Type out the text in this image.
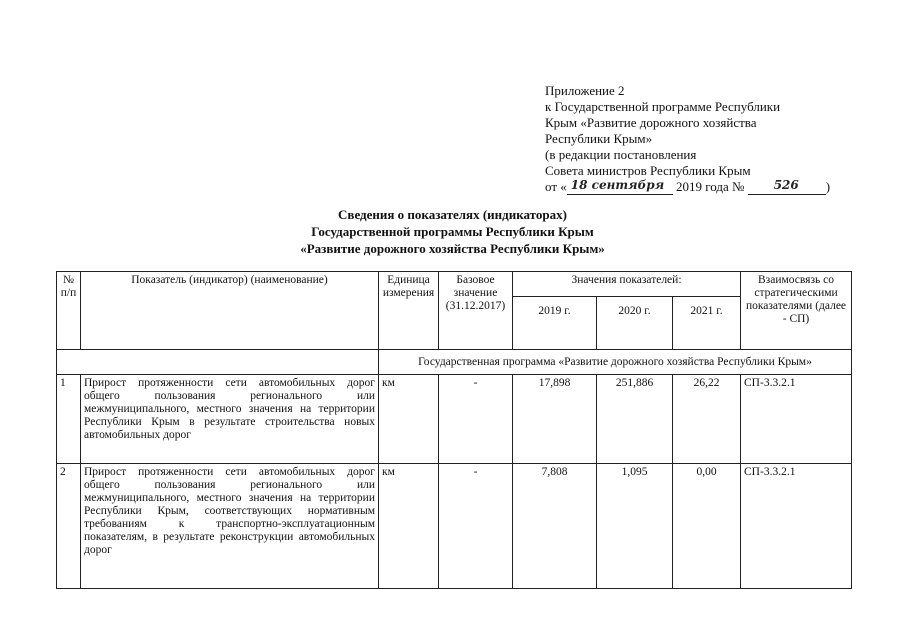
Приложение 2
к Государственной программе Республики
Крым «Развитие дорожного хозяйства
Республики Крым»
(в редакции постановления
Совета министров Республики Крым
от « 18 сентября 2019 года № 526 )
Сведения о показателях (индикаторах)
Государственной программы Республики Крым
«Развитие дорожного хозяйства Республики Крым»
№ п/п	Показатель (индикатор) (наименование)	Единица измерения	Базовое значение (31.12.2017)	Значения показателей:			Взаимосвязь со стратегическими показателями (далее - СП)
				2019 г.	2020 г.	2021 г.	
		Государственная программа «Развитие дорожного хозяйства Республики Крым»					
1	Прирост протяженности сети автомобильных дорог общего пользования регионального или межмуниципального, местного значения на территории Республики Крым в результате строительства новых автомобильных дорог	км	-	17,898	251,886	26,22	СП-3.3.2.1
2	Прирост протяженности сети автомобильных дорог общего пользования регионального или межмуниципального, местного значения на территории Республики Крым, соответствующих нормативным требованиям к транспортно-эксплуатационным показателям, в результате реконструкции автомобильных дорог	км	-	7,808	1,095	0,00	СП-3.3.2.1
